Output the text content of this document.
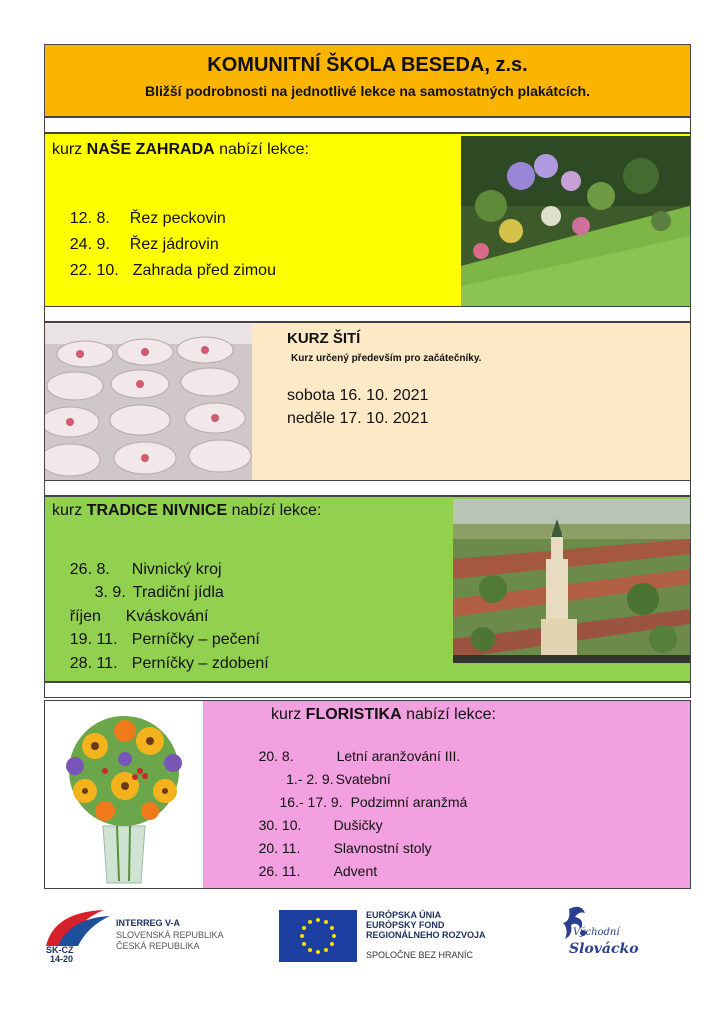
KOMUNITNÍ ŠKOLA BESEDA, z.s.
Bližší podrobnosti na jednotlivé lekce na samostatných plakátcích.
kurz NAŠE ZAHRADA nabízí lekce:

12. 8. Řez peckovin

24. 9. Řez jádrovin

22. 10. Zahrada před zimou

KURZ ŠITÍ
Kurz určený především pro začátečníky.
sobota 16. 10. 2021
neděle 17. 10. 2021
kurz TRADICE NIVNICE nabízí lekce:

26. 8. Nivnický kroj

3. 9. Tradiční jídla

říjen Kváskování

19. 11. Perníčky – pečení

28. 11. Perníčky – zdobení

kurz FLORISTIKA nabízí lekce:

20. 8.	Letní aranžování III.

1.- 2. 9. Svatební

16.- 17. 9. Podzimní aranžmá

30. 10. Dušičky

20. 11. Slavnostní stoly

26. 11. Advent

SK-CZ
14-20
INTERREG V-A
SLOVENSKÁ REPUBLIKA
ČESKÁ REPUBLIKA
EURÓPSKA ÚNIA
EURÓPSKY FOND
REGIONÁLNEHO ROZVOJA
SPOLOČNE BEZ HRANÍC
Východní
Slovácko
